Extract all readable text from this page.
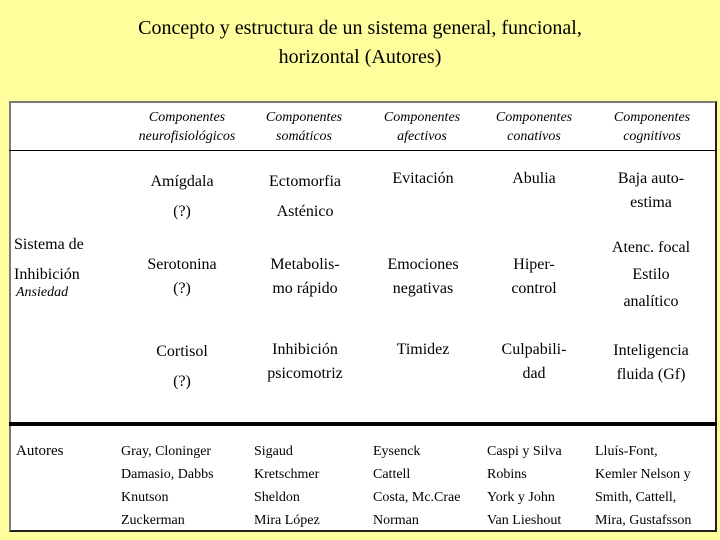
Concepto y estructura de un sistema general, funcional,
horizontal (Autores)
Componentes
neurofisiológicos
Componentes
somáticos
Componentes
afectivos
Componentes
conativos
Componentes
cognitivos
Sistema de
Inhibición
Ansiedad
Amígdala
(?)
Serotonina
(?)
Cortisol
(?)
Ectomorfia
Asténico
Metabolis-
mo rápido
Inhibición
psicomotriz
Evitación
Emociones
negativas
Timidez
Abulia
Hiper-
control
Culpabili-
dad
Baja auto-
estima
Atenc. focal
Estilo
analítico
Inteligencia
fluida (Gf)
Autores	Gray, Cloninger
Damasio, Dabbs
Knutson
Zuckerman
Sigaud
Kretschmer
Sheldon
Mira López
Eysenck
Cattell
Costa, Mc.Crae
Norman
Caspi y Silva
Robins
York y John
Van Lieshout
Lluís-Font,
Kemler Nelson y
Smith, Cattell,
Mira, Gustafsson
